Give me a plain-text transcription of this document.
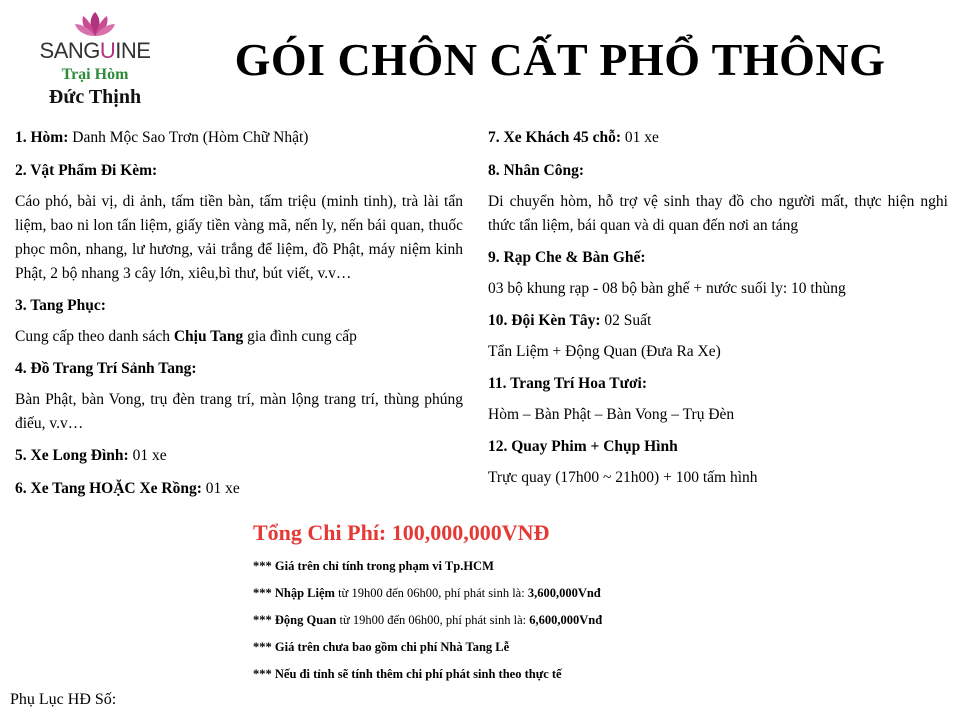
SANGUINE
Trại Hòm
Đức Thịnh
GÓI CHÔN CẤT PHỔ THÔNG
1. Hòm: Danh Mộc Sao Trơn (Hòm Chữ Nhật)
2. Vật Phẩm Đi Kèm:
Cáo phó, bài vị, di ảnh, tấm tiền bàn, tấm triệu (minh tinh), trà lài tẩn liệm, bao ni lon tẩn liệm, giấy tiền vàng mã, nến ly, nến bái quan, thuốc phọc môn, nhang, lư hương, vải trắng để liệm, đồ Phật, máy niệm kinh Phật, 2 bộ nhang 3 cây lớn, xiêu,bì thư, bút viết, v.v…
3. Tang Phục:
Cung cấp theo danh sách Chịu Tang gia đình cung cấp
4. Đồ Trang Trí Sảnh Tang:
Bàn Phật, bàn Vong, trụ đèn trang trí, màn lộng trang trí, thùng phúng điếu, v.v…
5. Xe Long Đình: 01 xe
6. Xe Tang HOẶC Xe Rồng: 01 xe
7. Xe Khách 45 chỗ: 01 xe
8. Nhân Công:
Di chuyển hòm, hỗ trợ vệ sinh thay đồ cho người mất, thực hiện nghi thức tẩn liệm, bái quan và di quan đến nơi an táng
9. Rạp Che & Bàn Ghế:
03 bộ khung rạp - 08 bộ bàn ghế + nước suối ly: 10 thùng
10. Đội Kèn Tây: 02 Suất
Tẩn Liệm + Động Quan (Đưa Ra Xe)
11. Trang Trí Hoa Tươi:
Hòm – Bàn Phật – Bàn Vong – Trụ Đèn
12. Quay Phim + Chụp Hình
Trực quay (17h00 ~ 21h00) + 100 tấm hình
Tổng Chi Phí: 100,000,000VNĐ
*** Giá trên chỉ tính trong phạm vi Tp.HCM
*** Nhập Liệm từ 19h00 đến 06h00, phí phát sinh là: 3,600,000Vnđ
*** Động Quan từ 19h00 đến 06h00, phí phát sinh là: 6,600,000Vnđ
*** Giá trên chưa bao gồm chi phí Nhà Tang Lễ
*** Nếu đi tỉnh sẽ tính thêm chi phí phát sinh theo thực tế
Phụ Lục HĐ Số:
